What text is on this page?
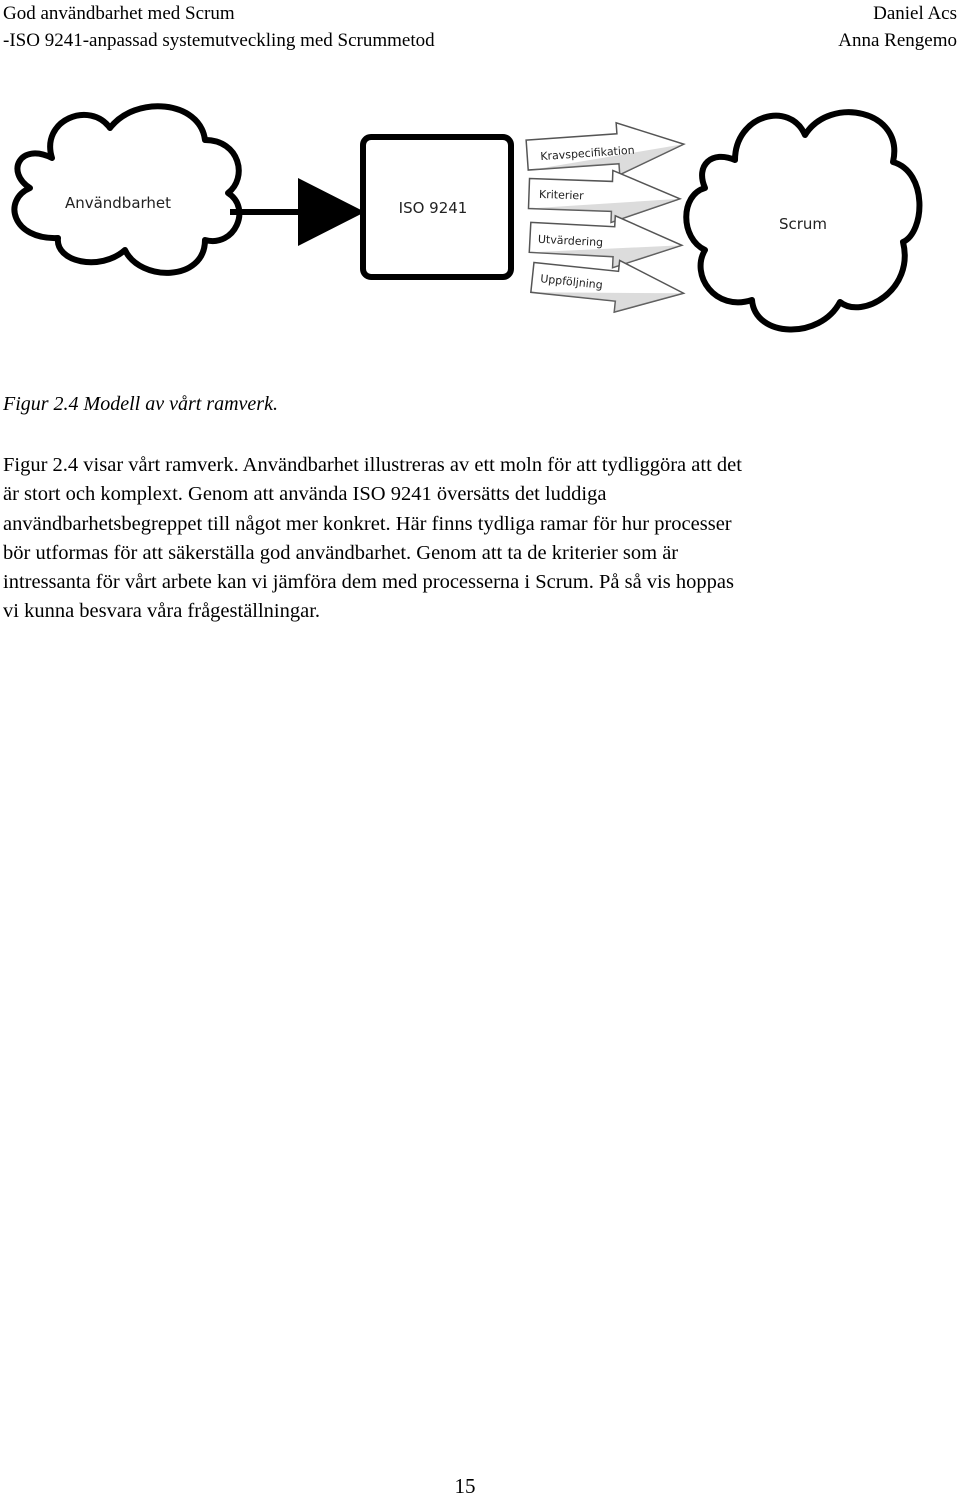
God användbarhet med Scrum
-ISO 9241-anpassad systemutveckling med Scrummetod
Daniel Acs
Anna Rengemo
Användbarhet	ISO 9241
Kravspecifikation
Kriterier
Utvärdering
Uppföljning
Scrum
Figur 2.4 Modell av vårt ramverk.

Figur 2.4 visar vårt ramverk. Användbarhet illustreras av ett moln för att tydliggöra att det

är stort och komplext. Genom att använda ISO 9241 översätts det luddiga

användbarhetsbegreppet till något mer konkret. Här finns tydliga ramar för hur processer

bör utformas för att säkerställa god användbarhet. Genom att ta de kriterier som är

intressanta för vårt arbete kan vi jämföra dem med processerna i Scrum. På så vis hoppas

vi kunna besvara våra frågeställningar.

15
